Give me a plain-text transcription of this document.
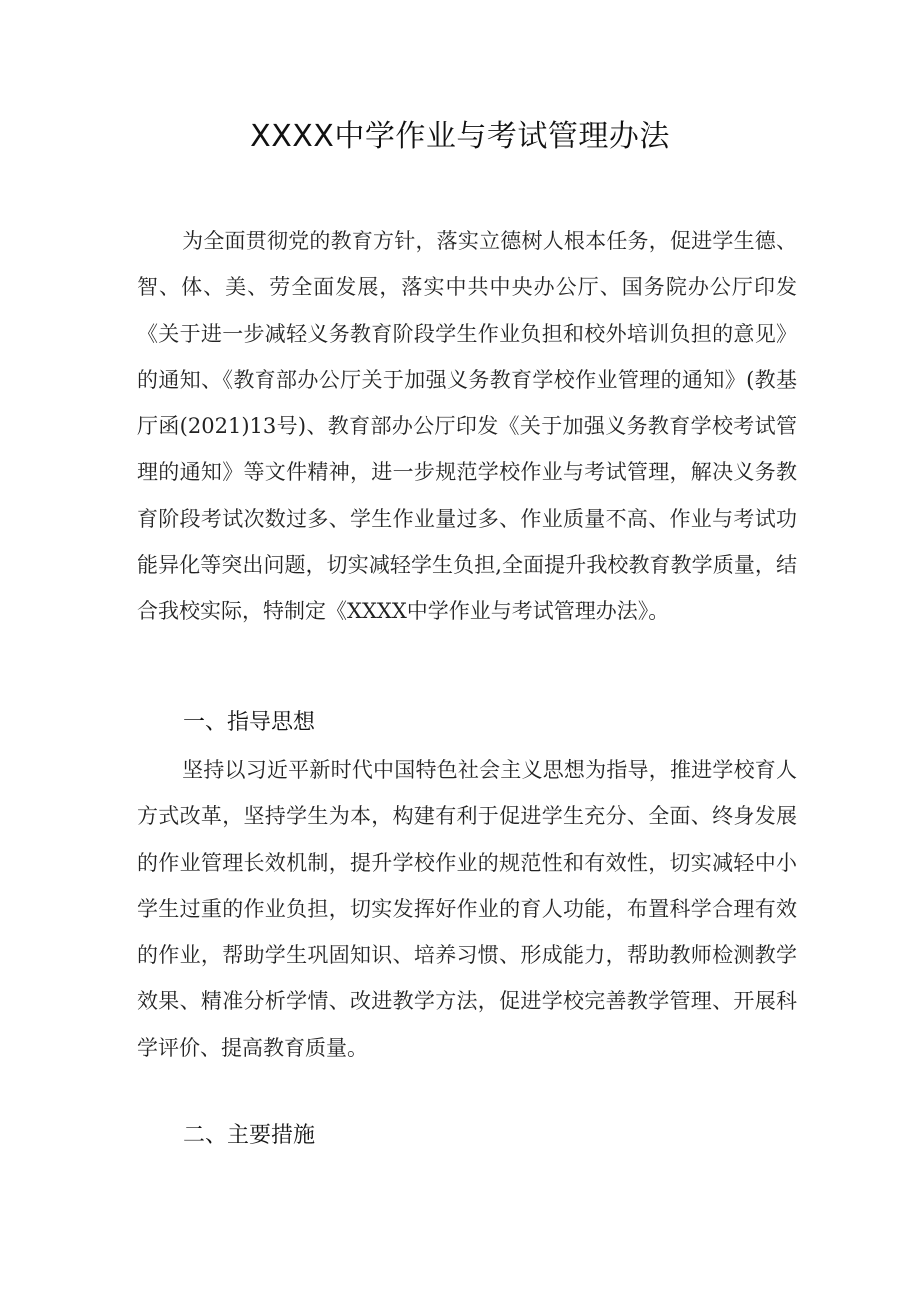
XXXX中学作业与考试管理办法

为全面贯彻党的教育方针，落实立德树人根本任务，促进学生德、智、体、美、劳全面发展，落实中共中央办公厅、国务院办公厅印发《关于进一步减轻义务教育阶段学生作业负担和校外培训负担的意见》的通知、《教育部办公厅关于加强义务教育学校作业管理的通知》(教基厅函(2021)13号)、教育部办公厅印发《关于加强义务教育学校考试管理的通知》等文件精神，进一步规范学校作业与考试管理，解决义务教育阶段考试次数过多、学生作业量过多、作业质量不高、作业与考试功能异化等突出问题，切实减轻学生负担,全面提升我校教育教学质量，结合我校实际，特制定《XXXX中学作业与考试管理办法》。

一、指导思想

坚持以习近平新时代中国特色社会主义思想为指导，推进学校育人方式改革，坚持学生为本，构建有利于促进学生充分、全面、终身发展的作业管理长效机制，提升学校作业的规范性和有效性，切实减轻中小学生过重的作业负担，切实发挥好作业的育人功能，布置科学合理有效的作业，帮助学生巩固知识、培养习惯、形成能力，帮助教师检测教学效果、精准分析学情、改进教学方法，促进学校完善教学管理、开展科学评价、提高教育质量。

二、主要措施
